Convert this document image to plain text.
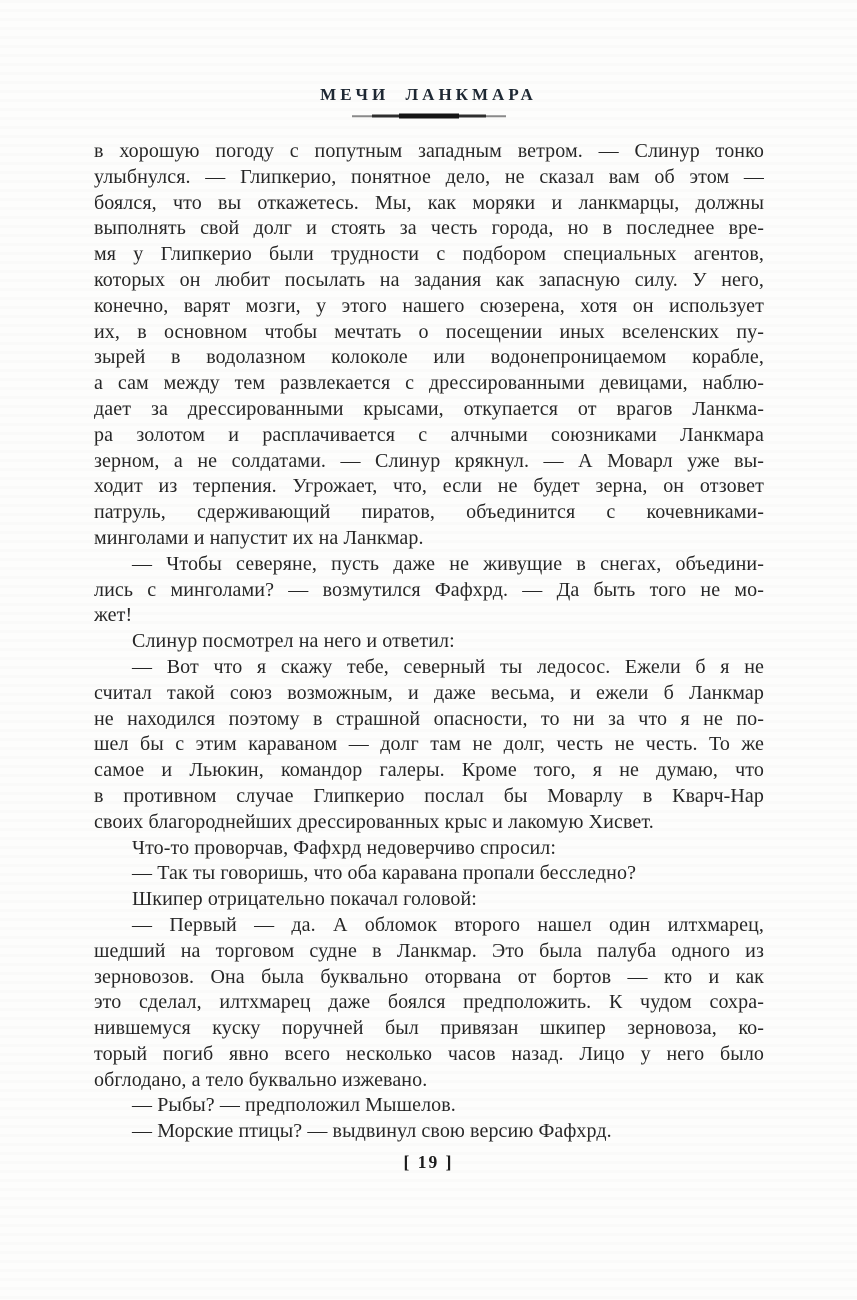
МЕЧИ ЛАНКМАРА
в хорошую погоду с попутным западным ветром. — Слинур тонко
улыбнулся. — Глипкерио, понятное дело, не сказал вам об этом —
боялся, что вы откажетесь. Мы, как моряки и ланкмарцы, должны
выполнять свой долг и стоять за честь города, но в последнее вре-
мя у Глипкерио были трудности с подбором специальных агентов,
которых он любит посылать на задания как запасную силу. У него,
конечно, варят мозги, у этого нашего сюзерена, хотя он использует
их, в основном чтобы мечтать о посещении иных вселенских пу-
зырей в водолазном колоколе или водонепроницаемом корабле,
а сам между тем развлекается с дрессированными девицами, наблю-
дает за дрессированными крысами, откупается от врагов Ланкма-
ра золотом и расплачивается с алчными союзниками Ланкмара
зерном, а не солдатами. — Слинур крякнул. — А Моварл уже вы-
ходит из терпения. Угрожает, что, если не будет зерна, он отзовет
патруль, сдерживающий пиратов, объединится с кочевниками-
минголами и напустит их на Ланкмар.
— Чтобы северяне, пусть даже не живущие в снегах, объедини-
лись с минголами? — возмутился Фафхрд. — Да быть того не мо-
жет!
Слинур посмотрел на него и ответил:
— Вот что я скажу тебе, северный ты ледосос. Ежели б я не
считал такой союз возможным, и даже весьма, и ежели б Ланкмар
не находился поэтому в страшной опасности, то ни за что я не по-
шел бы с этим караваном — долг там не долг, честь не честь. То же
самое и Льюкин, командор галеры. Кроме того, я не думаю, что
в противном случае Глипкерио послал бы Моварлу в Кварч-Нар
своих благороднейших дрессированных крыс и лакомую Хисвет.
Что-то проворчав, Фафхрд недоверчиво спросил:
— Так ты говоришь, что оба каравана пропали бесследно?
Шкипер отрицательно покачал головой:
— Первый — да. А обломок второго нашел один илтхмарец,
шедший на торговом судне в Ланкмар. Это была палуба одного из
зерновозов. Она была буквально оторвана от бортов — кто и как
это сделал, илтхмарец даже боялся предположить. К чудом сохра-
нившемуся куску поручней был привязан шкипер зерновоза, ко-
торый погиб явно всего несколько часов назад. Лицо у него было
обглодано, а тело буквально изжевано.
— Рыбы? — предположил Мышелов.
— Морские птицы? — выдвинул свою версию Фафхрд.
[ 19 ]
